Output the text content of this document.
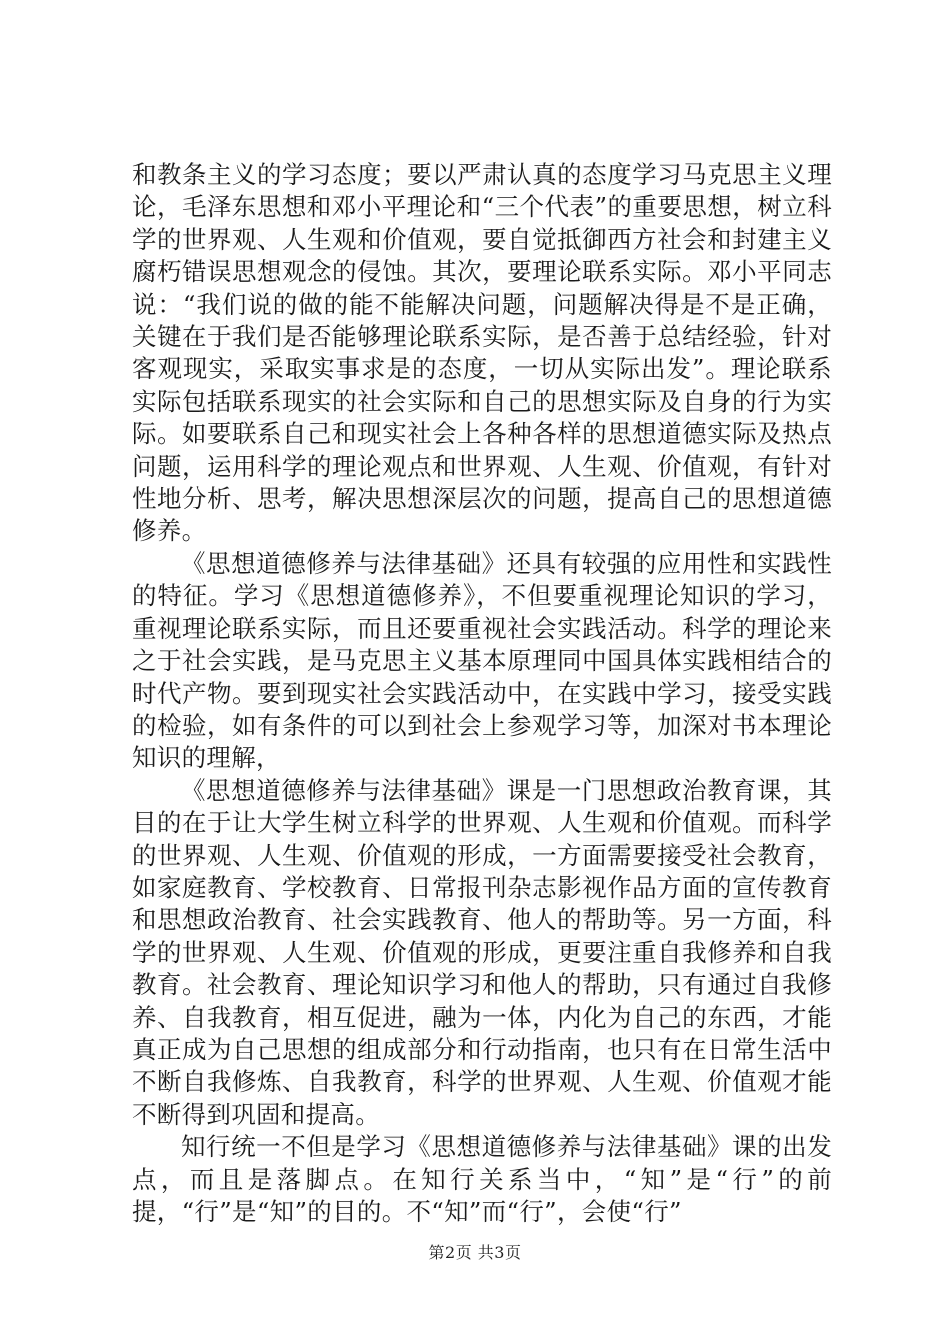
和教条主义的学习态度；要以严肃认真的态度学习马克思主义理论，毛泽东思想和邓小平理论和“三个代表”的重要思想，树立科学的世界观、人生观和价值观，要自觉抵御西方社会和封建主义腐朽错误思想观念的侵蚀。其次，要理论联系实际。邓小平同志说：“我们说的做的能不能解决问题，问题解决得是不是正确，关键在于我们是否能够理论联系实际，是否善于总结经验，针对客观现实，采取实事求是的态度，一切从实际出发”。理论联系实际包括联系现实的社会实际和自己的思想实际及自身的行为实际。如要联系自己和现实社会上各种各样的思想道德实际及热点问题，运用科学的理论观点和世界观、人生观、价值观，有针对性地分析、思考，解决思想深层次的问题，提高自己的思想道德修养。

《思想道德修养与法律基础》还具有较强的应用性和实践性的特征。学习《思想道德修养》，不但要重视理论知识的学习，重视理论联系实际，而且还要重视社会实践活动。科学的理论来之于社会实践，是马克思主义基本原理同中国具体实践相结合的时代产物。要到现实社会实践活动中，在实践中学习，接受实践的检验，如有条件的可以到社会上参观学习等，加深对书本理论知识的理解，

《思想道德修养与法律基础》课是一门思想政治教育课，其目的在于让大学生树立科学的世界观、人生观和价值观。而科学的世界观、人生观、价值观的形成，一方面需要接受社会教育，如家庭教育、学校教育、日常报刊杂志影视作品方面的宣传教育和思想政治教育、社会实践教育、他人的帮助等。另一方面，科学的世界观、人生观、价值观的形成，更要注重自我修养和自我教育。社会教育、理论知识学习和他人的帮助，只有通过自我修养、自我教育，相互促进，融为一体，内化为自己的东西，才能真正成为自己思想的组成部分和行动指南，也只有在日常生活中不断自我修炼、自我教育，科学的世界观、人生观、价值观才能不断得到巩固和提高。

知行统一不但是学习《思想道德修养与法律基础》课的出发点，而且是落脚点。在知行关系当中，“知”是“行”的前提，“行”是“知”的目的。不“知”而“行”，会使“行”

第2页 共3页
